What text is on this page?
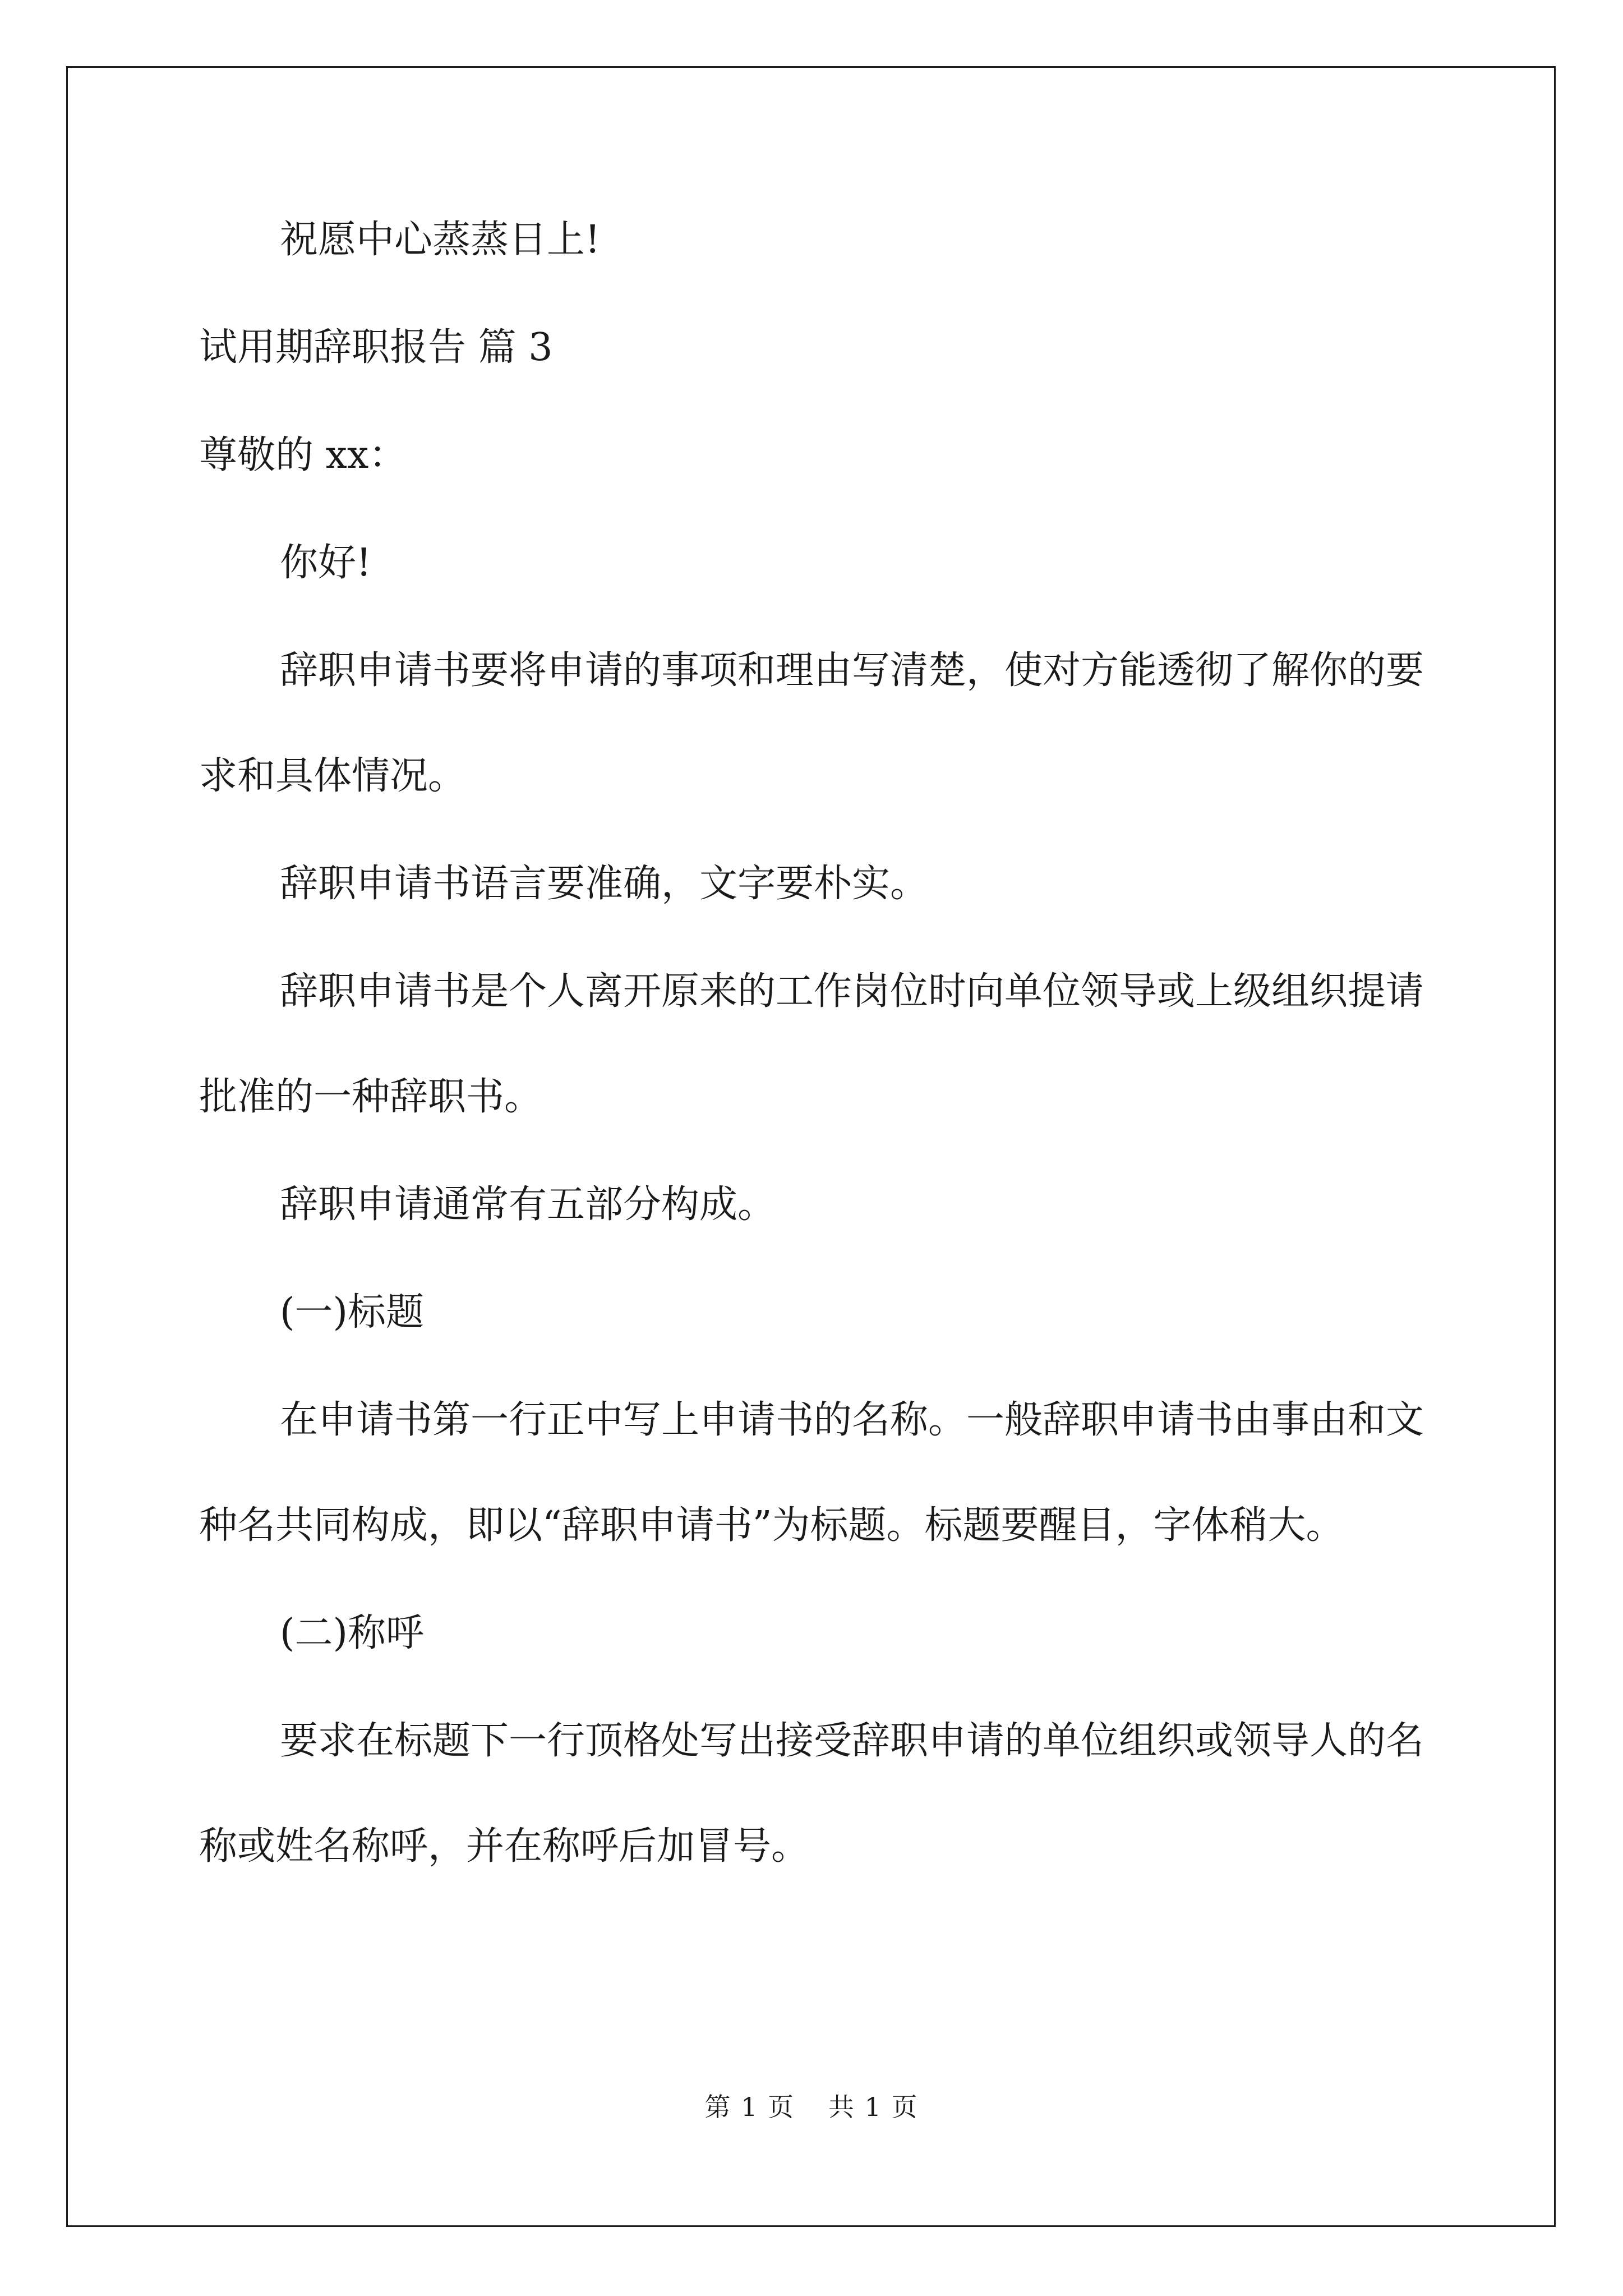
祝愿中心蒸蒸日上!

试用期辞职报告 篇 3

尊敬的 xx：

你好!

辞职申请书要将申请的事项和理由写清楚，使对方能透彻了解你的要求和具体情况。

辞职申请书语言要准确，文字要朴实。

辞职申请书是个人离开原来的工作岗位时向单位领导或上级组织提请批准的一种辞职书。

辞职申请通常有五部分构成。

(一)标题

在申请书第一行正中写上申请书的名称。一般辞职申请书由事由和文种名共同构成，即以“辞职申请书”为标题。标题要醒目，字体稍大。

(二)称呼

要求在标题下一行顶格处写出接受辞职申请的单位组织或领导人的名称或姓名称呼，并在称呼后加冒号。

第 1 页 共 1 页
